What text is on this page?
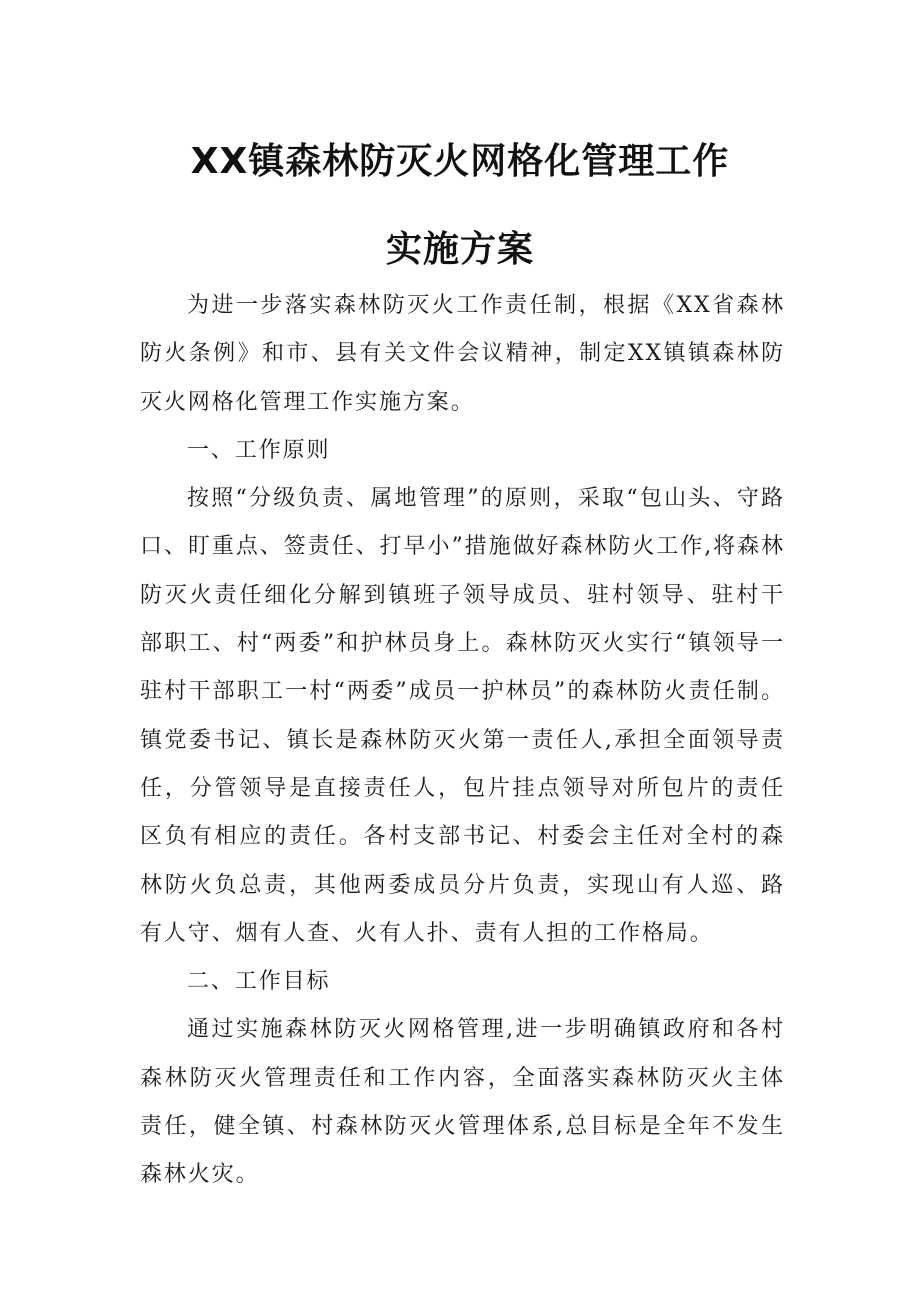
XX镇森林防灭火网格化管理工作
实施方案

为进一步落实森林防灭火工作责任制，根据《XX省森林防火条例》和市、县有关文件会议精神，制定XX镇镇森林防灭火网格化管理工作实施方案。

一、工作原则

按照“分级负责、属地管理”的原则，采取“包山头、守路口、盯重点、签责任、打早小”措施做好森林防火工作,将森林防灭火责任细化分解到镇班子领导成员、驻村领导、驻村干部职工、村“两委”和护林员身上。森林防灭火实行“镇领导一驻村干部职工一村“两委”成员一护林员”的森林防火责任制。镇党委书记、镇长是森林防灭火第一责任人,承担全面领导责任，分管领导是直接责任人，包片挂点领导对所包片的责任区负有相应的责任。各村支部书记、村委会主任对全村的森林防火负总责，其他两委成员分片负责，实现山有人巡、路有人守、烟有人查、火有人扑、责有人担的工作格局。

二、工作目标

通过实施森林防灭火网格管理,进一步明确镇政府和各村森林防灭火管理责任和工作内容，全面落实森林防灭火主体责任，健全镇、村森林防灭火管理体系,总目标是全年不发生森林火灾。
